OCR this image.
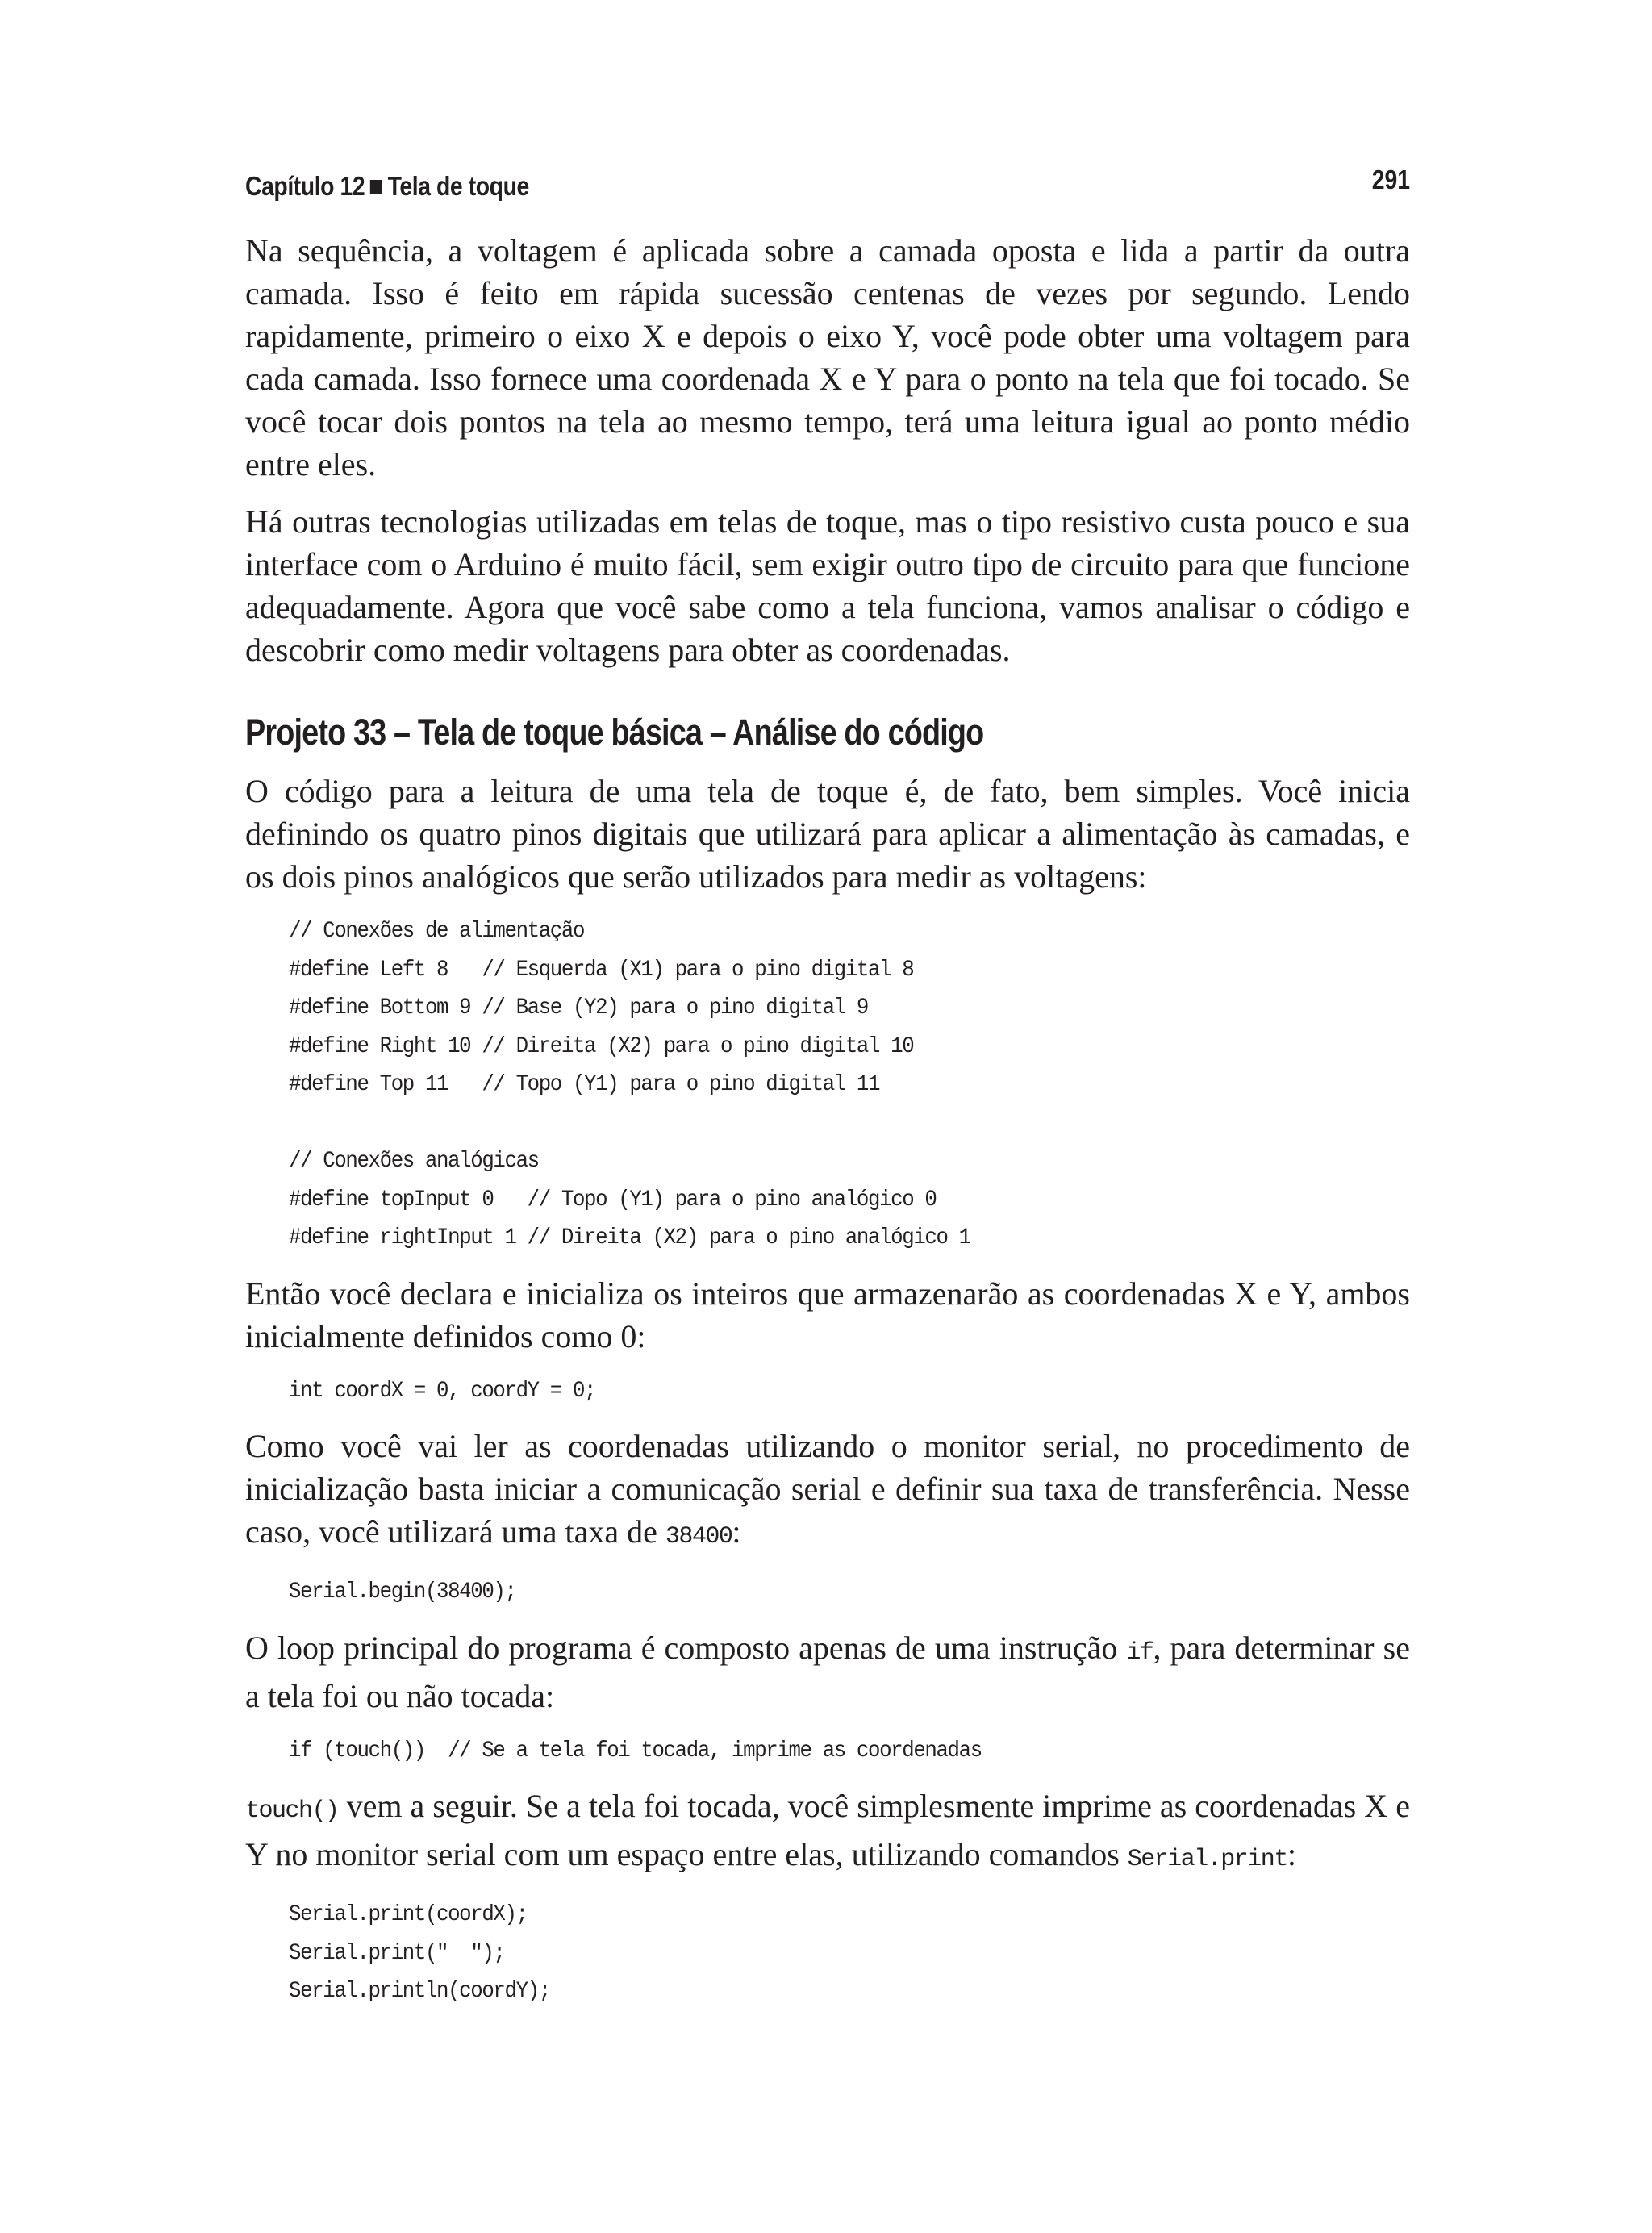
Capítulo 12 Tela de toque	291

Na sequência, a voltagem é aplicada sobre a camada oposta e lida a partir da outra camada. Isso é feito em rápida sucessão centenas de vezes por segundo. Lendo rapidamente, primeiro o eixo X e depois o eixo Y, você pode obter uma voltagem para cada camada. Isso fornece uma coordenada X e Y para o ponto na tela que foi tocado. Se você tocar dois pontos na tela ao mesmo tempo, terá uma leitura igual ao ponto médio entre eles.

Há outras tecnologias utilizadas em telas de toque, mas o tipo resistivo custa pouco e sua interface com o Arduino é muito fácil, sem exigir outro tipo de circuito para que funcione adequadamente. Agora que você sabe como a tela funciona, vamos analisar o código e descobrir como medir voltagens para obter as coordenadas.

Projeto 33 – Tela de toque básica – Análise do código

O código para a leitura de uma tela de toque é, de fato, bem simples. Você inicia definindo os quatro pinos digitais que utilizará para aplicar a alimentação às camadas, e os dois pinos analógicos que serão utilizados para medir as voltagens:

// Conexões de alimentação
#define Left 8   // Esquerda (X1) para o pino digital 8
#define Bottom 9 // Base (Y2) para o pino digital 9
#define Right 10 // Direita (X2) para o pino digital 10
#define Top 11   // Topo (Y1) para o pino digital 11

// Conexões analógicas
#define topInput 0   // Topo (Y1) para o pino analógico 0
#define rightInput 1 // Direita (X2) para o pino analógico 1

Então você declara e inicializa os inteiros que armazenarão as coordenadas X e Y, ambos inicialmente definidos como 0:

int coordX = 0, coordY = 0;

Como você vai ler as coordenadas utilizando o monitor serial, no procedimento de inicialização basta iniciar a comunicação serial e definir sua taxa de transferência. Nesse caso, você utilizará uma taxa de 38400:

Serial.begin(38400);

O loop principal do programa é composto apenas de uma instrução if, para determinar se a tela foi ou não tocada:

if (touch())  // Se a tela foi tocada, imprime as coordenadas

touch() vem a seguir. Se a tela foi tocada, você simplesmente imprime as coordenadas X e Y no monitor serial com um espaço entre elas, utilizando comandos Serial.print:

Serial.print(coordX);
Serial.print("  ");
Serial.println(coordY);
